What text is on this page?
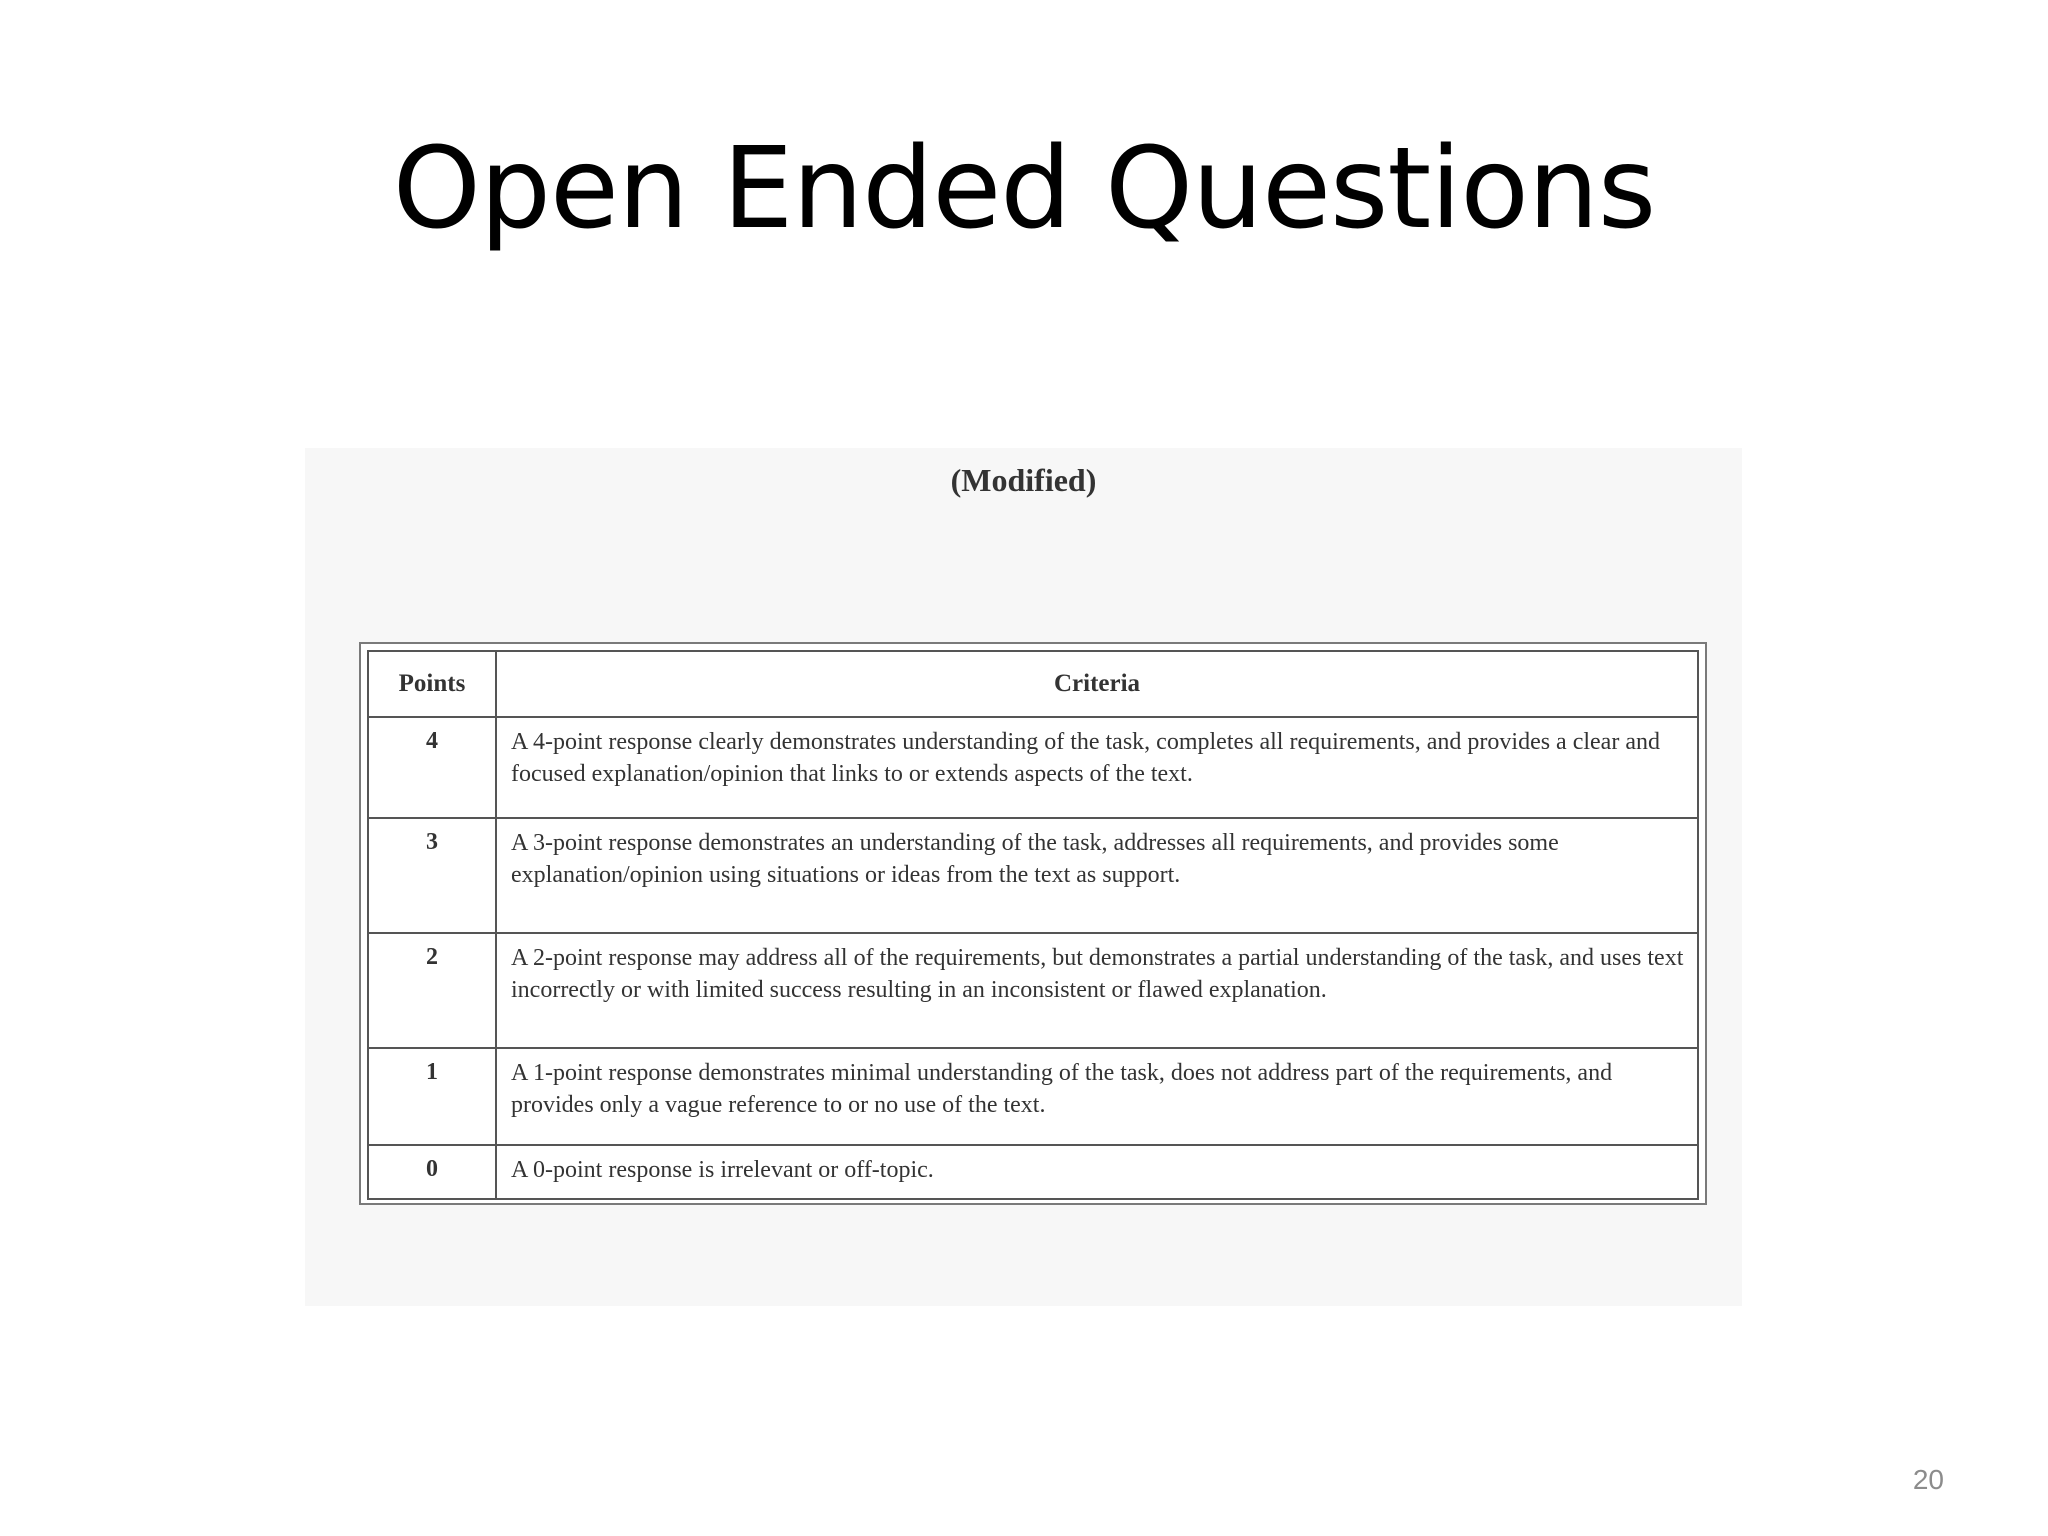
Open Ended Questions
(Modified)
Points	Criteria
4	A 4-point response clearly demonstrates understanding of the task, completes all requirements, and provides a clear and focused explanation/opinion that links to or extends aspects of the text.
3	A 3-point response demonstrates an understanding of the task, addresses all requirements, and provides some explanation/opinion using situations or ideas from the text as support.
2	A 2-point response may address all of the requirements, but demonstrates a partial understanding of the task, and uses text incorrectly or with limited success resulting in an inconsistent or flawed explanation.
1	A 1-point response demonstrates minimal understanding of the task, does not address part of the requirements, and provides only a vague reference to or no use of the text.
0	A 0-point response is irrelevant or off-topic.
20
